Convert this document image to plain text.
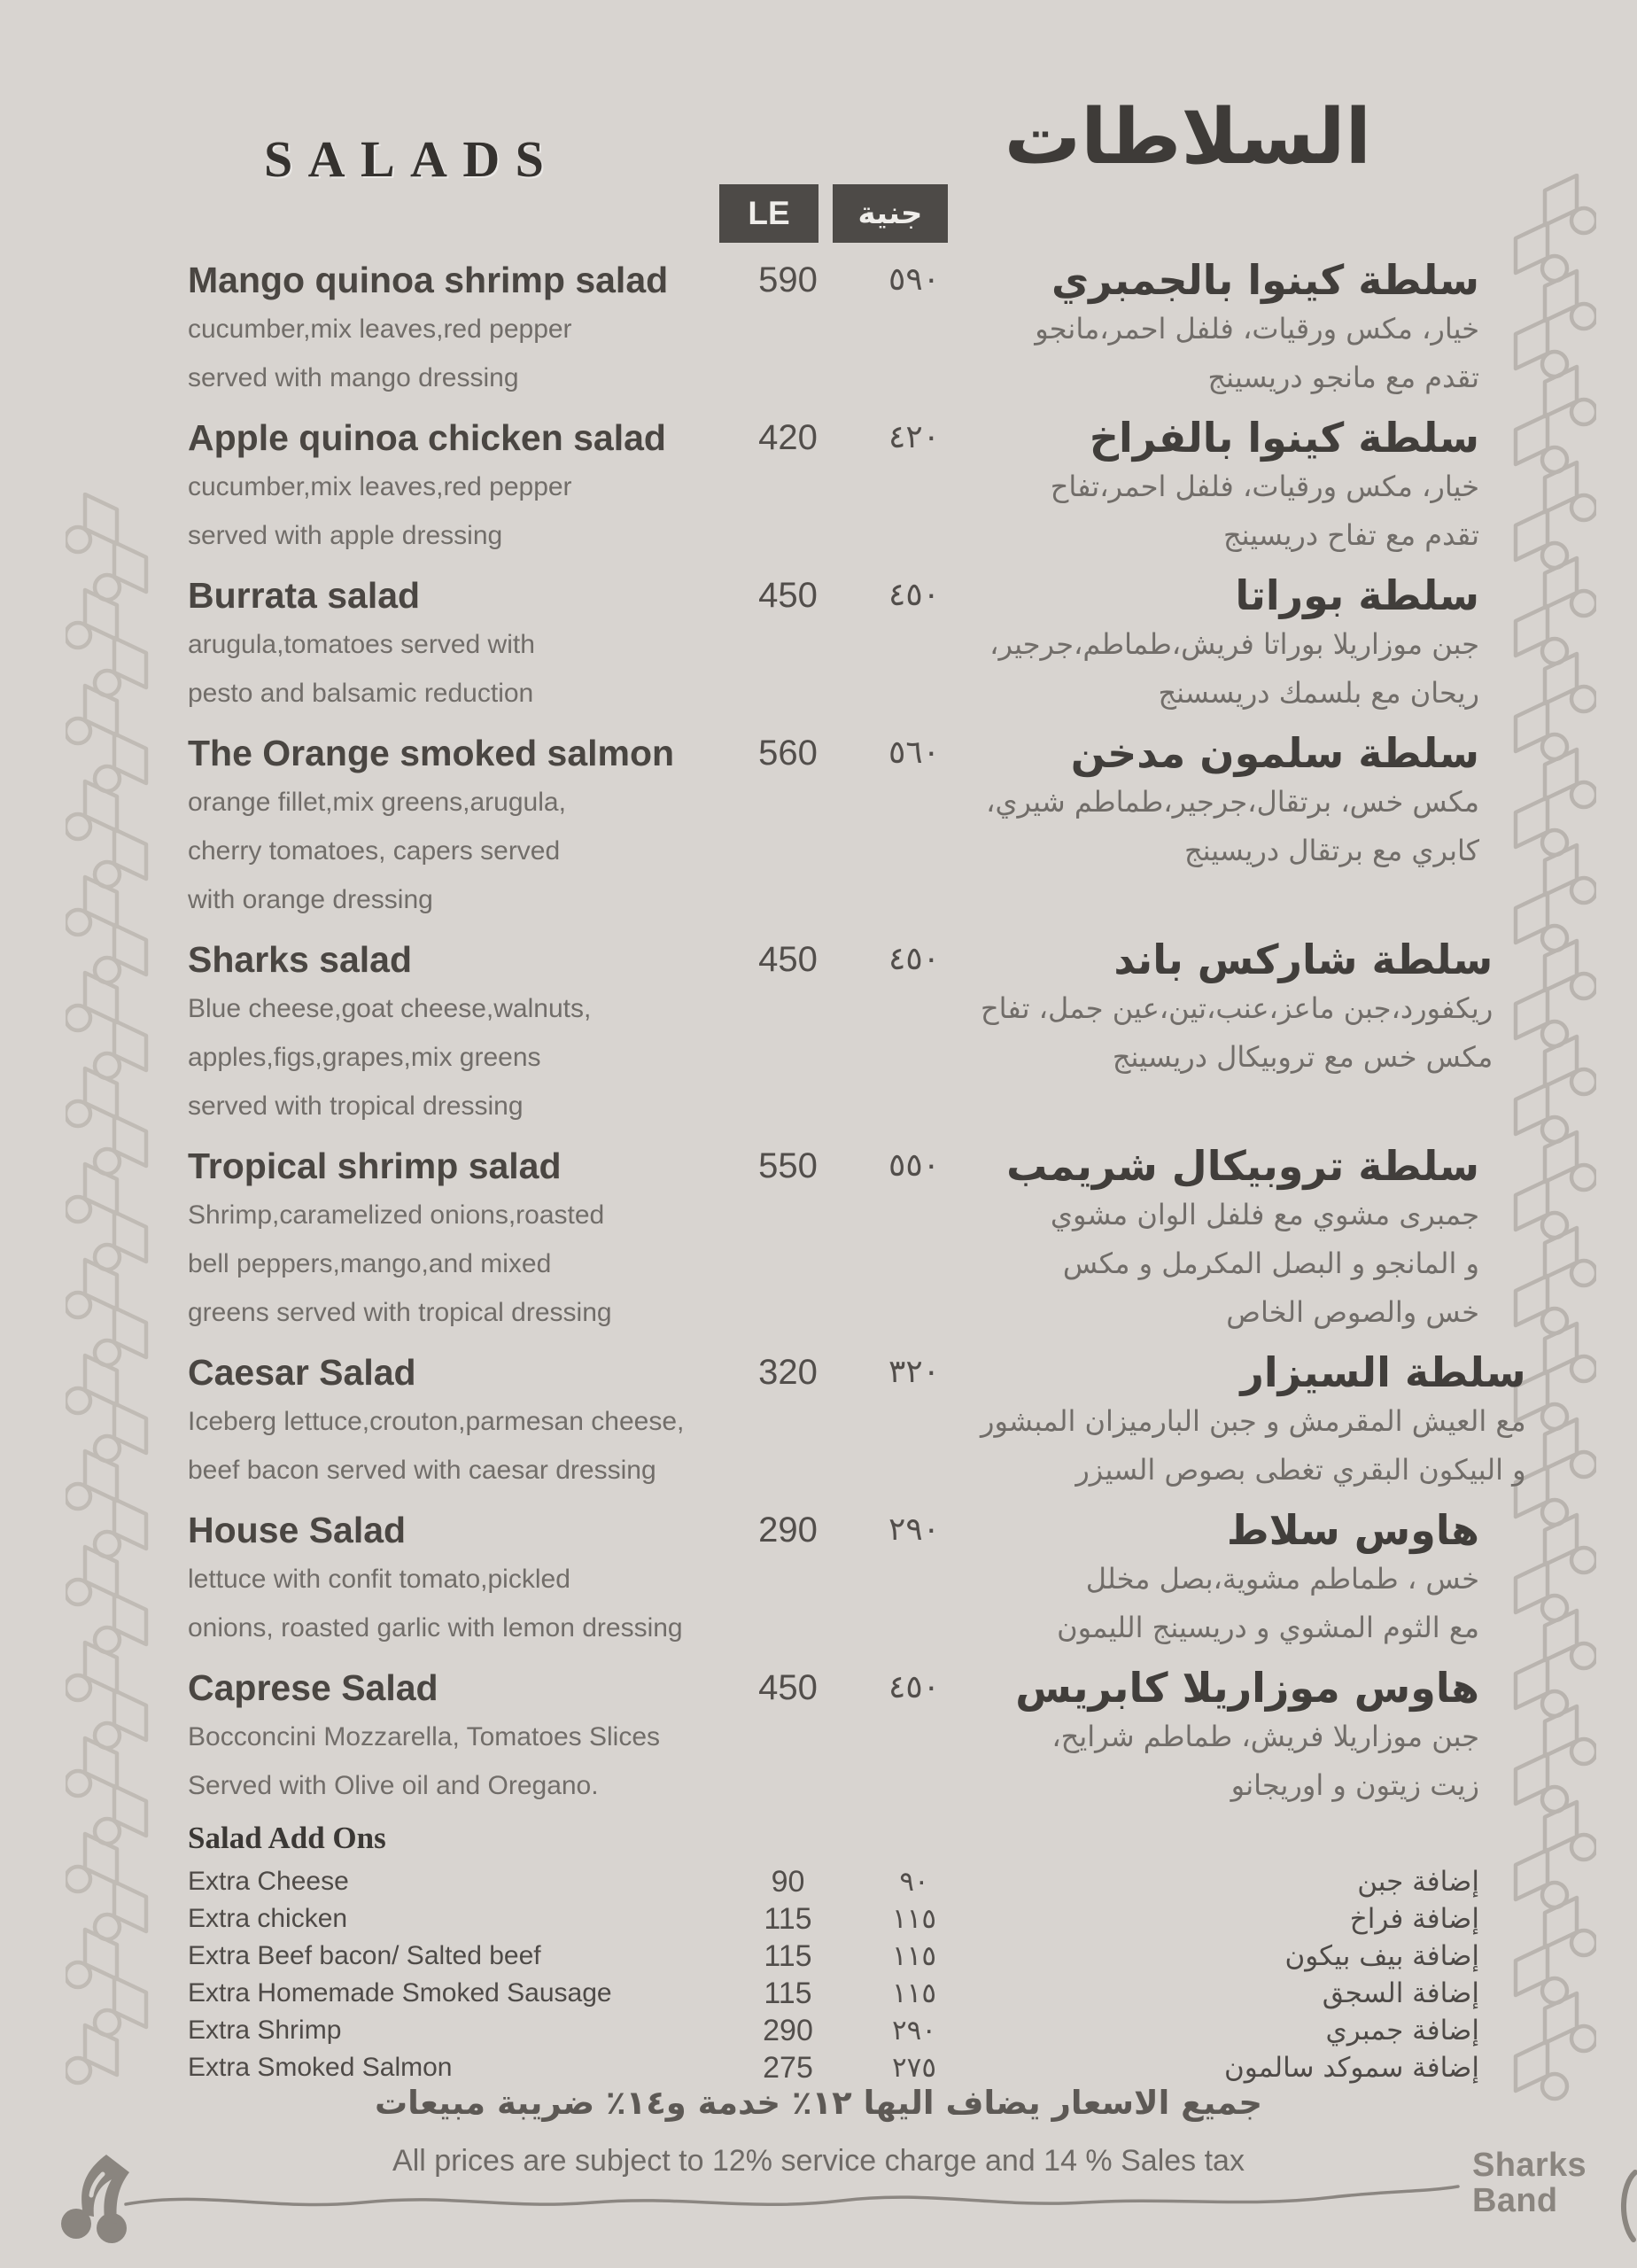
SALADS	السلاطات
LE	جنية
Mango quinoa shrimp salad
cucumber,mix leaves,red pepper
served with mango dressing
590	٥٩٠	سلطة كينوا بالجمبري
خيار، مكس ورقيات، فلفل احمر،مانجو
تقدم مع مانجو دريسينج
Apple quinoa chicken salad
cucumber,mix leaves,red pepper
served with apple dressing
420	٤٢٠	سلطة كينوا بالفراخ
خيار، مكس ورقيات، فلفل احمر،تفاح
تقدم مع تفاح دريسينج
Burrata salad
arugula,tomatoes served with
pesto and balsamic reduction
450	٤٥٠	سلطة بوراتا
جبن موزاريلا بوراتا فريش،طماطم،جرجير،
ريحان مع بلسمك دريسسنج
The Orange smoked salmon
orange fillet,mix greens,arugula,
cherry tomatoes, capers served
with orange dressing
560	٥٦٠	سلطة سلمون مدخن
مكس خس، برتقال،جرجير،طماطم شيري،
كابري مع برتقال دريسينج
Sharks salad
Blue cheese,goat cheese,walnuts,
apples,figs,grapes,mix greens
served with tropical dressing
450	٤٥٠	سلطة شاركس باند
ريكفورد،جبن ماعز،عنب،تين،عين جمل، تفاح
مكس خس مع تروبيكال دريسينج
Tropical shrimp salad
Shrimp,caramelized onions,roasted
bell peppers,mango,and mixed
greens served with tropical dressing
550	٥٥٠	سلطة تروبيكال شريمب
جمبرى مشوي مع فلفل الوان مشوي
و المانجو و البصل المكرمل و مكس
خس والصوص الخاص
Caesar Salad
Iceberg lettuce,crouton,parmesan cheese,
beef bacon served with caesar dressing
320	٣٢٠	سلطة السيزار
مع العيش المقرمش و جبن البارميزان المبشور
و البيكون البقري تغطى بصوص السيزر
House Salad
lettuce with confit tomato,pickled
onions, roasted garlic with lemon dressing
290	٢٩٠	هاوس سلاط
خس ، طماطم مشوية،بصل مخلل
مع الثوم المشوي و دريسينج الليمون
Caprese Salad
Bocconcini Mozzarella, Tomatoes Slices
Served with Olive oil and Oregano.
450	٤٥٠	هاوس موزاريلا كابريس
جبن موزاريلا فريش، طماطم شرايح،
زيت زيتون و اوريجانو
Salad Add Ons
Extra Cheese	90	٩٠	إضافة جبن
Extra chicken	115	١١٥	إضافة فراخ
Extra Beef bacon/ Salted beef	115	١١٥	إضافة بيف بيكون
Extra Homemade Smoked Sausage	115	١١٥	إضافة السجق
Extra Shrimp	290	٢٩٠	إضافة جمبري
Extra Smoked Salmon	275	٢٧٥	إضافة سموكد سالمون
جميع الاسعار يضاف اليها ١٢٪ خدمة و١٤٪ ضريبة مبيعات
All prices are subject to 12% service charge and 14 % Sales tax	Sharks
Band
